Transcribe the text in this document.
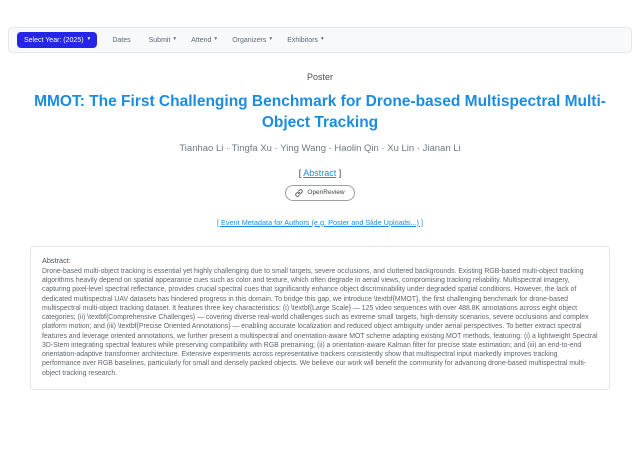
Select Year: (2025) ▾	Dates	Submit ▾ Attend ▾ Organizers ▾ Exhibitors ▾
Poster
MMOT: The First Challenging Benchmark for Drone-based Multispectral Multi-Object Tracking
Tianhao Li · Tingfa Xu · Ying Wang · Haolin Qin · Xu Lin · Jianan Li
[ Abstract ]
OpenReview
[ Event Metadata for Authors (e.g. Poster and Slide Uploads...) ]

Abstract:

Drone-based multi-object tracking is essential yet highly challenging due to small targets, severe occlusions, and cluttered backgrounds. Existing RGB-based multi-object tracking algorithms heavily depend on spatial appearance cues such as color and texture, which often degrade in aerial views, compromising tracking reliability. Multispectral imagery, capturing pixel-level spectral reflectance, provides crucial spectral cues that significantly enhance object discriminability under degraded spatial conditions. However, the lack of dedicated multispectral UAV datasets has hindered progress in this domain. To bridge this gap, we introduce \textbf{MMOT}, the first challenging benchmark for drone-based multispectral multi-object tracking dataset. It features three key characteristics: (i) \textbf{Large Scale} — 125 video sequences with over 488.8K annotations across eight object categories; (ii) \textbf{Comprehensive Challenges} — covering diverse real-world challenges such as extreme small targets, high-density scenarios, severe occlusions and complex platform motion; and (iii) \textbf{Precise Oriented Annotations} — enabling accurate localization and reduced object ambiguity under aerial perspectives. To better extract spectral features and leverage oriented annotations, we further present a multispectral and orientation-aware MOT scheme adapting existing MOT methods, featuring: (i) a lightweight Spectral 3D-Stem integrating spectral features while preserving compatibility with RGB pretraining; (ii) a orientation-aware Kalman filter for precise state estimation; and (iii) an end-to-end orientation-adaptive transformer architecture. Extensive experiments across representative trackers consistently show that multispectral input markedly improves tracking performance over RGB baselines, particularly for small and densely packed objects. We believe our work will benefit the community for advancing drone-based multispectral multi-object tracking research.
